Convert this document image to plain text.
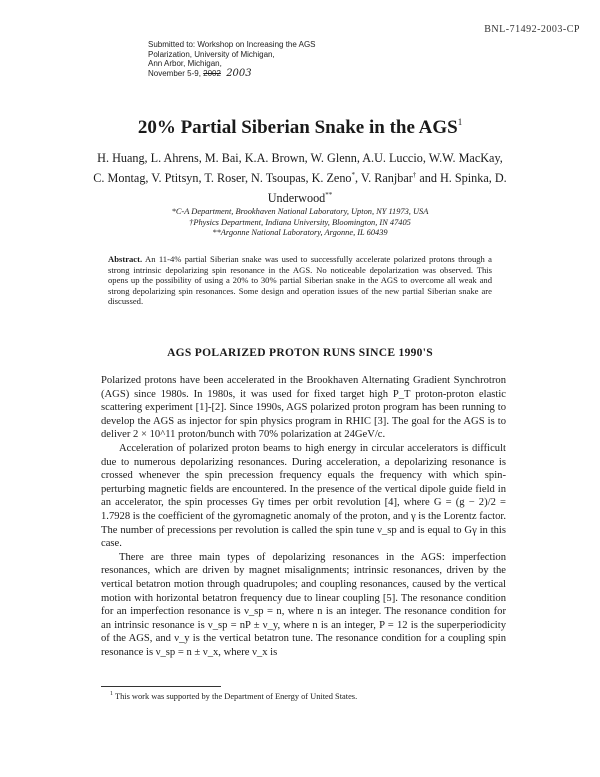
BNL-71492-2003-CP
Submitted to: Workshop on Increasing the AGS
Polarization, University of Michigan,
Ann Arbor, Michigan,
November 5-9, 2002 2003
20% Partial Siberian Snake in the AGS$^1$
H. Huang, L. Ahrens, M. Bai, K.A. Brown, W. Glenn, A.U. Luccio, W.W. MacKay, C. Montag, V. Ptitsyn, T. Roser, N. Tsoupas, K. Zeno*, V. Ranjbar† and H. Spinka, D. Underwood**
*C-A Department, Brookhaven National Laboratory, Upton, NY 11973, USA
†Physics Department, Indiana University, Bloomington, IN 47405
**Argonne National Laboratory, Argonne, IL 60439
Abstract. An 11-4% partial Siberian snake was used to successfully accelerate polarized protons through a strong intrinsic depolarizing spin resonance in the AGS. No noticeable depolarization was observed. This opens up the possibility of using a 20% to 30% partial Siberian snake in the AGS to overcome all weak and strong depolarizing spin resonances. Some design and operation issues of the new partial Siberian snake are discussed.
AGS POLARIZED PROTON RUNS SINCE 1990'S

Polarized protons have been accelerated in the Brookhaven Alternating Gradient Synchrotron (AGS) since 1980s. In 1980s, it was used for fixed target high P_T proton-proton elastic scattering experiment [1]-[2]. Since 1990s, AGS polarized proton program has been running to develop the AGS as injector for spin physics program in RHIC [3]. The goal for the AGS is to deliver 2 × 10^11 proton/bunch with 70% polarization at 24GeV/c.

Acceleration of polarized proton beams to high energy in circular accelerators is difficult due to numerous depolarizing resonances. During acceleration, a depolarizing resonance is crossed whenever the spin precession frequency equals the frequency with which spin-perturbing magnetic fields are encountered. In the presence of the vertical dipole guide field in an accelerator, the spin processes Gγ times per orbit revolution [4], where G = (g − 2)/2 = 1.7928 is the coefficient of the gyromagnetic anomaly of the proton, and γ is the Lorentz factor. The number of precessions per revolution is called the spin tune ν_sp and is equal to Gγ in this case.

There are three main types of depolarizing resonances in the AGS: imperfection resonances, which are driven by magnet misalignments; intrinsic resonances, driven by the vertical betatron motion through quadrupoles; and coupling resonances, caused by the vertical motion with horizontal betatron frequency due to linear coupling [5]. The resonance condition for an imperfection resonance is ν_sp = n, where n is an integer. The resonance condition for an intrinsic resonance is ν_sp = nP ± ν_y, where n is an integer, P = 12 is the superperiodicity of the AGS, and ν_y is the vertical betatron tune. The resonance condition for a coupling spin resonance is ν_sp = n ± ν_x, where ν_x is

$^1$ This work was supported by the Department of Energy of United States.
